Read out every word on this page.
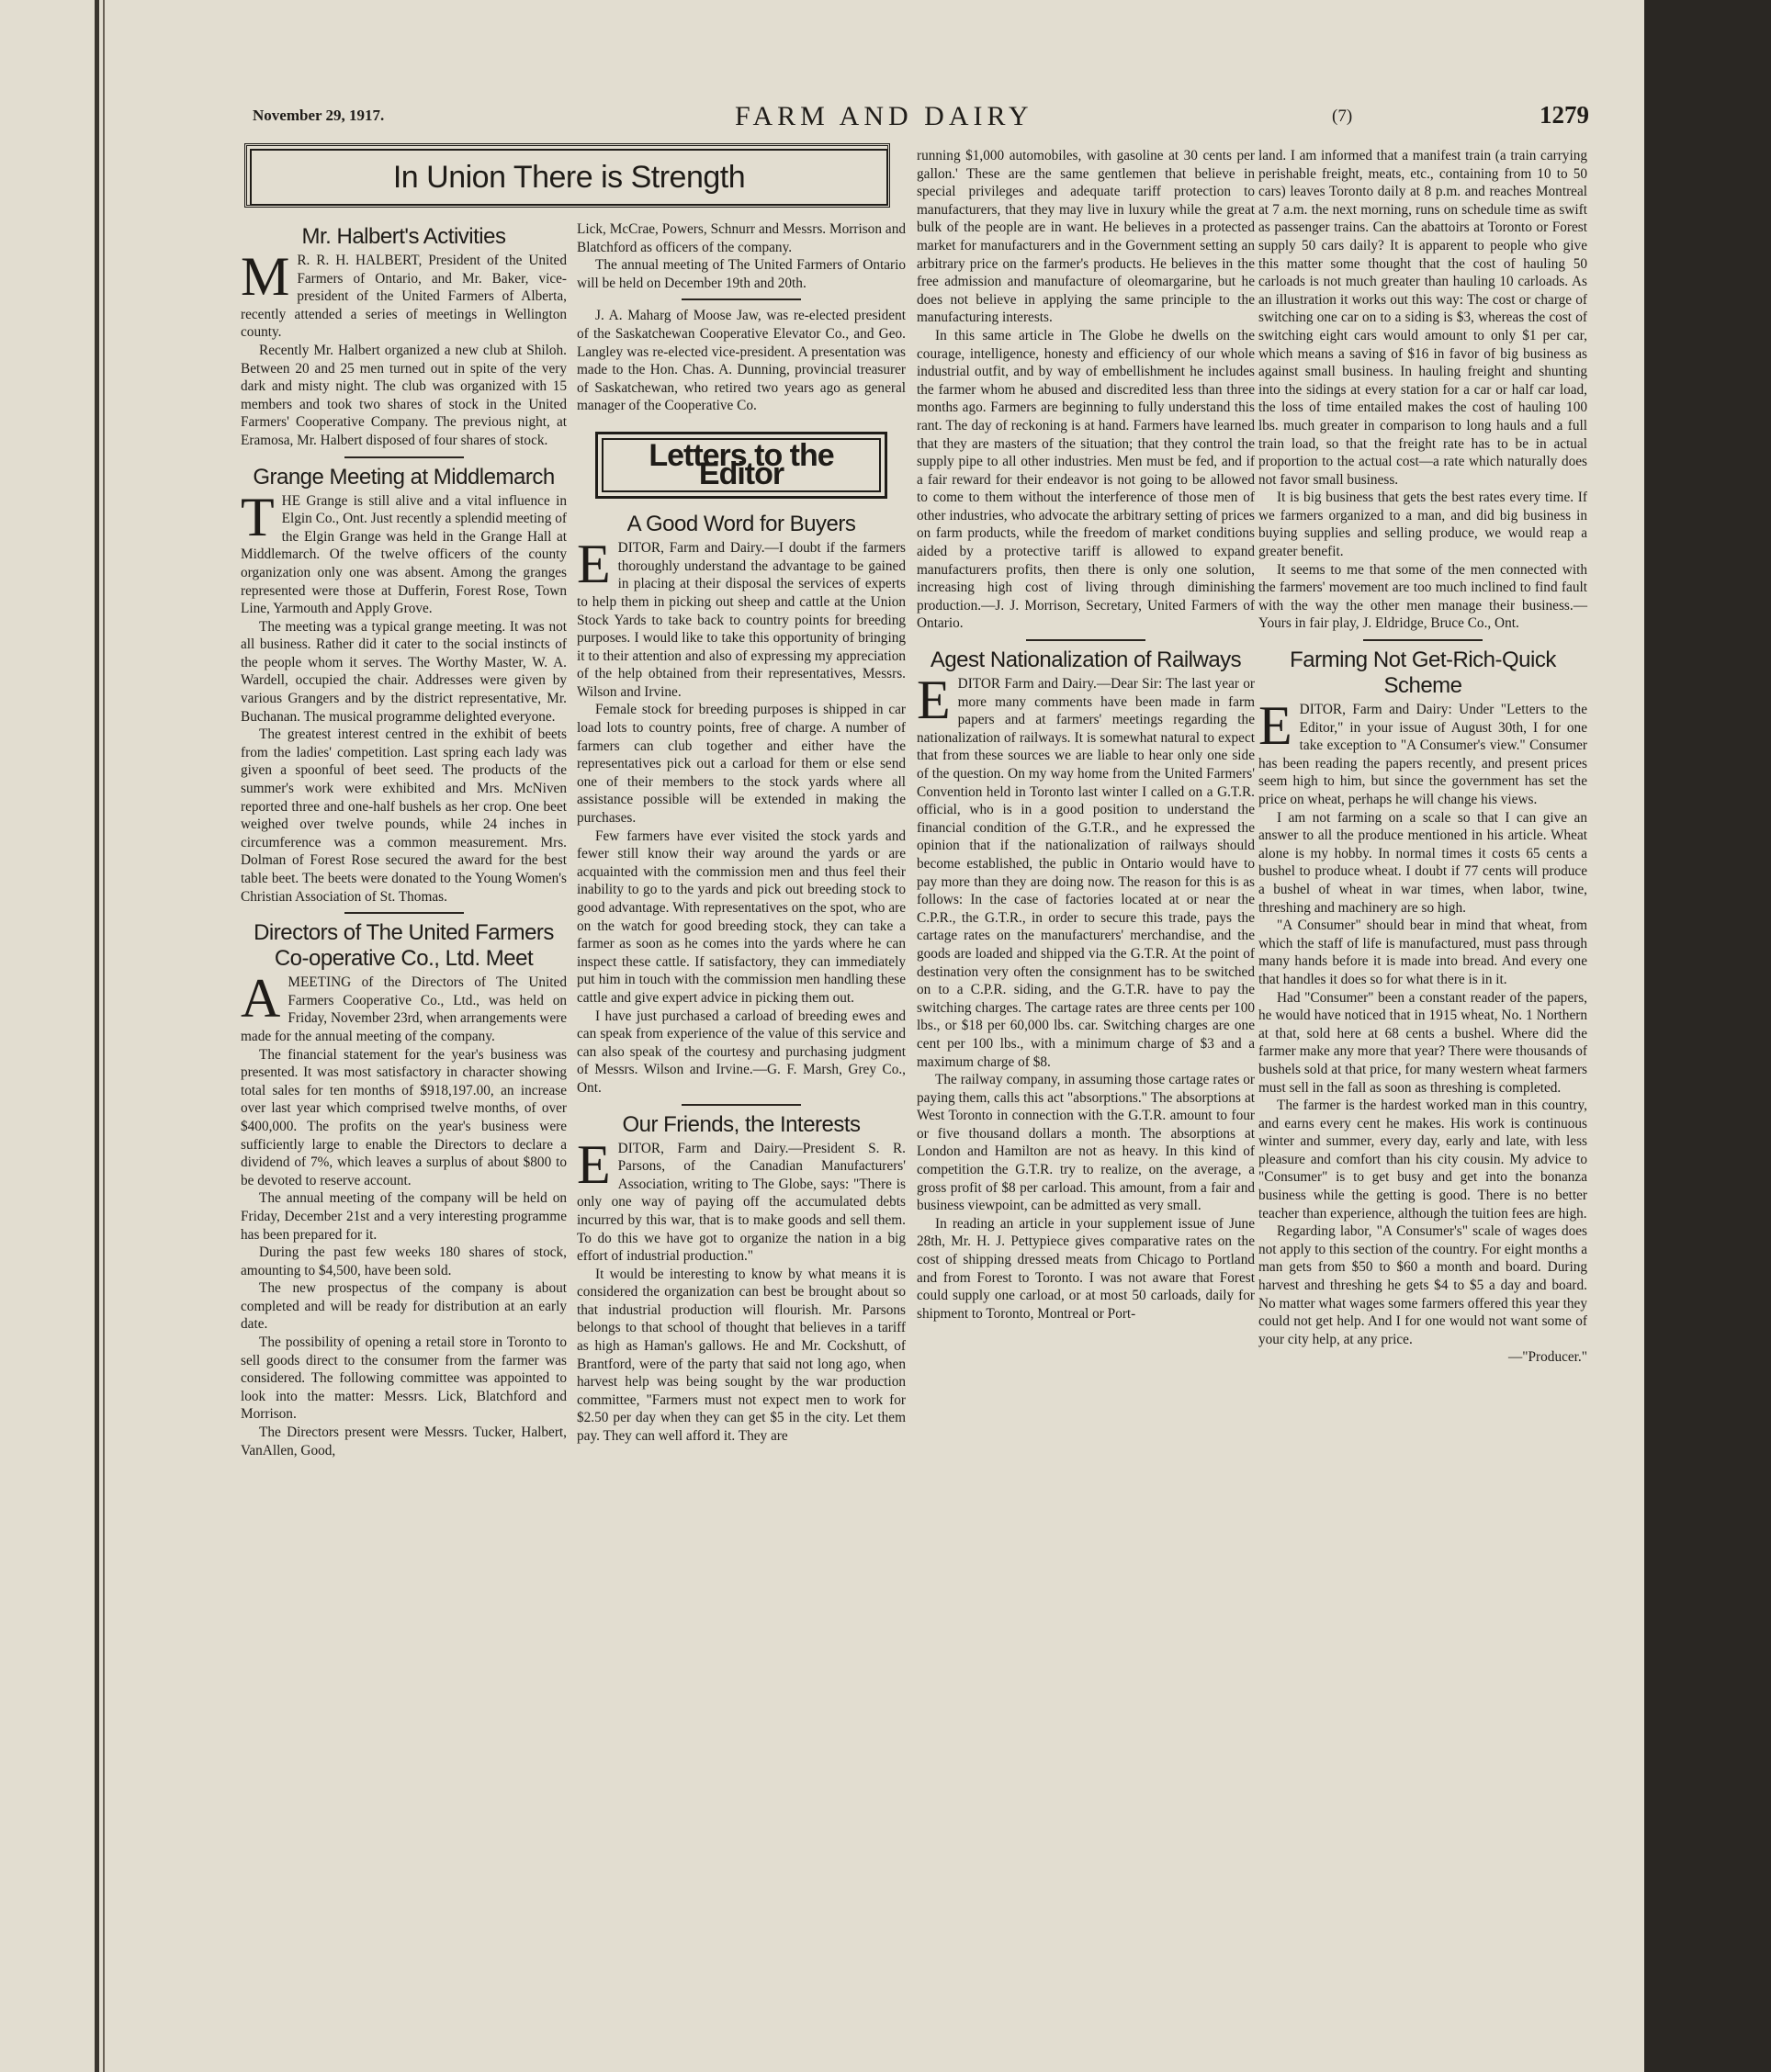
November 29, 1917.	FARM AND DAIRY	(7)	1279
In Union There is Strength
Mr. Halbert's Activities

M R. R. H. HALBERT, President of the United Farmers of Ontario, and Mr. Baker, vice-president of the United Farmers of Alberta, recently attended a series of meetings in Wellington county.

Recently Mr. Halbert organized a new club at Shiloh. Between 20 and 25 men turned out in spite of the very dark and misty night. The club was organized with 15 members and took two shares of stock in the United Farmers' Cooperative Company. The previous night, at Eramosa, Mr. Halbert disposed of four shares of stock.

Grange Meeting at Middlemarch

THE Grange is still alive and a vital influence in Elgin Co., Ont. Just recently a splendid meeting of the Elgin Grange was held in the Grange Hall at Middlemarch. Of the twelve officers of the county organization only one was absent. Among the granges represented were those at Dufferin, Forest Rose, Town Line, Yarmouth and Apply Grove.

The meeting was a typical grange meeting. It was not all business. Rather did it cater to the social instincts of the people whom it serves. The Worthy Master, W. A. Wardell, occupied the chair. Addresses were given by various Grangers and by the district representative, Mr. Buchanan. The musical programme delighted everyone.

The greatest interest centred in the exhibit of beets from the ladies' competition. Last spring each lady was given a spoonful of beet seed. The products of the summer's work were exhibited and Mrs. McNiven reported three and one-half bushels as her crop. One beet weighed over twelve pounds, while 24 inches in circumference was a common measurement. Mrs. Dolman of Forest Rose secured the award for the best table beet. The beets were donated to the Young Women's Christian Association of St. Thomas.

Directors of The United Farmers Co-operative Co., Ltd. Meet

AMEETING of the Directors of The United Farmers Cooperative Co., Ltd., was held on Friday, November 23rd, when arrangements were made for the annual meeting of the company.

The financial statement for the year's business was presented. It was most satisfactory in character showing total sales for ten months of $918,197.00, an increase over last year which comprised twelve months, of over $400,000. The profits on the year's business were sufficiently large to enable the Directors to declare a dividend of 7%, which leaves a surplus of about $800 to be devoted to reserve account.

The annual meeting of the company will be held on Friday, December 21st and a very interesting programme has been prepared for it.

During the past few weeks 180 shares of stock, amounting to $4,500, have been sold.

The new prospectus of the company is about completed and will be ready for distribution at an early date.

The possibility of opening a retail store in Toronto to sell goods direct to the consumer from the farmer was considered. The following committee was appointed to look into the matter: Messrs. Lick, Blatchford and Morrison.

The Directors present were Messrs. Tucker, Halbert, VanAllen, Good,

Lick, McCrae, Powers, Schnurr and Messrs. Morrison and Blatchford as officers of the company.

The annual meeting of The United Farmers of Ontario will be held on December 19th and 20th.

J. A. Maharg of Moose Jaw, was re-elected president of the Saskatchewan Cooperative Elevator Co., and Geo. Langley was re-elected vice-president. A presentation was made to the Hon. Chas. A. Dunning, provincial treasurer of Saskatchewan, who retired two years ago as general manager of the Cooperative Co.

Letters to the Editor
A Good Word for Buyers

EDITOR, Farm and Dairy.—I doubt if the farmers thoroughly understand the advantage to be gained in placing at their disposal the services of experts to help them in picking out sheep and cattle at the Union Stock Yards to take back to country points for breeding purposes. I would like to take this opportunity of bringing it to their attention and also of expressing my appreciation of the help obtained from their representatives, Messrs. Wilson and Irvine.

Female stock for breeding purposes is shipped in car load lots to country points, free of charge. A number of farmers can club together and either have the representatives pick out a carload for them or else send one of their members to the stock yards where all assistance possible will be extended in making the purchases.

Few farmers have ever visited the stock yards and fewer still know their way around the yards or are acquainted with the commission men and thus feel their inability to go to the yards and pick out breeding stock to good advantage. With representatives on the spot, who are on the watch for good breeding stock, they can take a farmer as soon as he comes into the yards where he can inspect these cattle. If satisfactory, they can immediately put him in touch with the commission men handling these cattle and give expert advice in picking them out.

I have just purchased a carload of breeding ewes and can speak from experience of the value of this service and can also speak of the courtesy and purchasing judgment of Messrs. Wilson and Irvine.—G. F. Marsh, Grey Co., Ont.

Our Friends, the Interests

EDITOR, Farm and Dairy.—President S. R. Parsons, of the Canadian Manufacturers' Association, writing to The Globe, says: "There is only one way of paying off the accumulated debts incurred by this war, that is to make goods and sell them. To do this we have got to organize the nation in a big effort of industrial production."

It would be interesting to know by what means it is considered the organization can best be brought about so that industrial production will flourish. Mr. Parsons belongs to that school of thought that believes in a tariff as high as Haman's gallows. He and Mr. Cockshutt, of Brantford, were of the party that said not long ago, when harvest help was being sought by the war production committee, "Farmers must not expect men to work for $2.50 per day when they can get $5 in the city. Let them pay. They can well afford it. They are

running $1,000 automobiles, with gasoline at 30 cents per gallon.' These are the same gentlemen that believe in special privileges and adequate tariff protection to manufacturers, that they may live in luxury while the great bulk of the people are in want. He believes in a protected market for manufacturers and in the Government setting an arbitrary price on the farmer's products. He believes in the free admission and manufacture of oleomargarine, but he does not believe in applying the same principle to the manufacturing interests.

In this same article in The Globe he dwells on the courage, intelligence, honesty and efficiency of our whole industrial outfit, and by way of embellishment he includes the farmer whom he abused and discredited less than three months ago. Farmers are beginning to fully understand this rant. The day of reckoning is at hand. Farmers have learned that they are masters of the situation; that they control the supply pipe to all other industries. Men must be fed, and if a fair reward for their endeavor is not going to be allowed to come to them without the interference of those men of other industries, who advocate the arbitrary setting of prices on farm products, while the freedom of market conditions aided by a protective tariff is allowed to expand manufacturers profits, then there is only one solution, increasing high cost of living through diminishing production.—J. J. Morrison, Secretary, United Farmers of Ontario.

Agest Nationalization of Railways

EDITOR Farm and Dairy.—Dear Sir: The last year or more many comments have been made in farm papers and at farmers' meetings regarding the nationalization of railways. It is somewhat natural to expect that from these sources we are liable to hear only one side of the question. On my way home from the United Farmers' Convention held in Toronto last winter I called on a G.T.R. official, who is in a good position to understand the financial condition of the G.T.R., and he expressed the opinion that if the nationalization of railways should become established, the public in Ontario would have to pay more than they are doing now. The reason for this is as follows: In the case of factories located at or near the C.P.R., the G.T.R., in order to secure this trade, pays the cartage rates on the manufacturers' merchandise, and the goods are loaded and shipped via the G.T.R. At the point of destination very often the consignment has to be switched on to a C.P.R. siding, and the G.T.R. have to pay the switching charges. The cartage rates are three cents per 100 lbs., or $18 per 60,000 lbs. car. Switching charges are one cent per 100 lbs., with a minimum charge of $3 and a maximum charge of $8.

The railway company, in assuming those cartage rates or paying them, calls this act "absorptions." The absorptions at West Toronto in connection with the G.T.R. amount to four or five thousand dollars a month. The absorptions at London and Hamilton are not as heavy. In this kind of competition the G.T.R. try to realize, on the average, a gross profit of $8 per carload. This amount, from a fair and business viewpoint, can be admitted as very small.

In reading an article in your supplement issue of June 28th, Mr. H. J. Pettypiece gives comparative rates on the cost of shipping dressed meats from Chicago to Portland and from Forest to Toronto. I was not aware that Forest could supply one carload, or at most 50 carloads, daily for shipment to Toronto, Montreal or Port-

land. I am informed that a manifest train (a train carrying perishable freight, meats, etc., containing from 10 to 50 cars) leaves Toronto daily at 8 p.m. and reaches Montreal at 7 a.m. the next morning, runs on schedule time as swift as passenger trains. Can the abattoirs at Toronto or Forest supply 50 cars daily? It is apparent to people who give this matter some thought that the cost of hauling 50 carloads is not much greater than hauling 10 carloads. As an illustration it works out this way: The cost or charge of switching one car on to a siding is $3, whereas the cost of switching eight cars would amount to only $1 per car, which means a saving of $16 in favor of big business as against small business. In hauling freight and shunting into the sidings at every station for a car or half car load, the loss of time entailed makes the cost of hauling 100 lbs. much greater in comparison to long hauls and a full train load, so that the freight rate has to be in actual proportion to the actual cost—a rate which naturally does not favor small business.

It is big business that gets the best rates every time. If we farmers organized to a man, and did big business in buying supplies and selling produce, we would reap a greater benefit.

It seems to me that some of the men connected with the farmers' movement are too much inclined to find fault with the way the other men manage their business.—Yours in fair play, J. Eldridge, Bruce Co., Ont.

Farming Not Get-Rich-Quick Scheme

EDITOR, Farm and Dairy: Under "Letters to the Editor," in your issue of August 30th, I for one take exception to "A Consumer's view." Consumer has been reading the papers recently, and present prices seem high to him, but since the government has set the price on wheat, perhaps he will change his views.

I am not farming on a scale so that I can give an answer to all the produce mentioned in his article. Wheat alone is my hobby. In normal times it costs 65 cents a bushel to produce wheat. I doubt if 77 cents will produce a bushel of wheat in war times, when labor, twine, threshing and machinery are so high.

"A Consumer" should bear in mind that wheat, from which the staff of life is manufactured, must pass through many hands before it is made into bread. And every one that handles it does so for what there is in it.

Had "Consumer" been a constant reader of the papers, he would have noticed that in 1915 wheat, No. 1 Northern at that, sold here at 68 cents a bushel. Where did the farmer make any more that year? There were thousands of bushels sold at that price, for many western wheat farmers must sell in the fall as soon as threshing is completed.

The farmer is the hardest worked man in this country, and earns every cent he makes. His work is continuous winter and summer, every day, early and late, with less pleasure and comfort than his city cousin. My advice to "Consumer" is to get busy and get into the bonanza business while the getting is good. There is no better teacher than experience, although the tuition fees are high.

Regarding labor, "A Consumer's" scale of wages does not apply to this section of the country. For eight months a man gets from $50 to $60 a month and board. During harvest and threshing he gets $4 to $5 a day and board. No matter what wages some farmers offered this year they could not get help. And I for one would not want some of your city help, at any price.

—"Producer."
